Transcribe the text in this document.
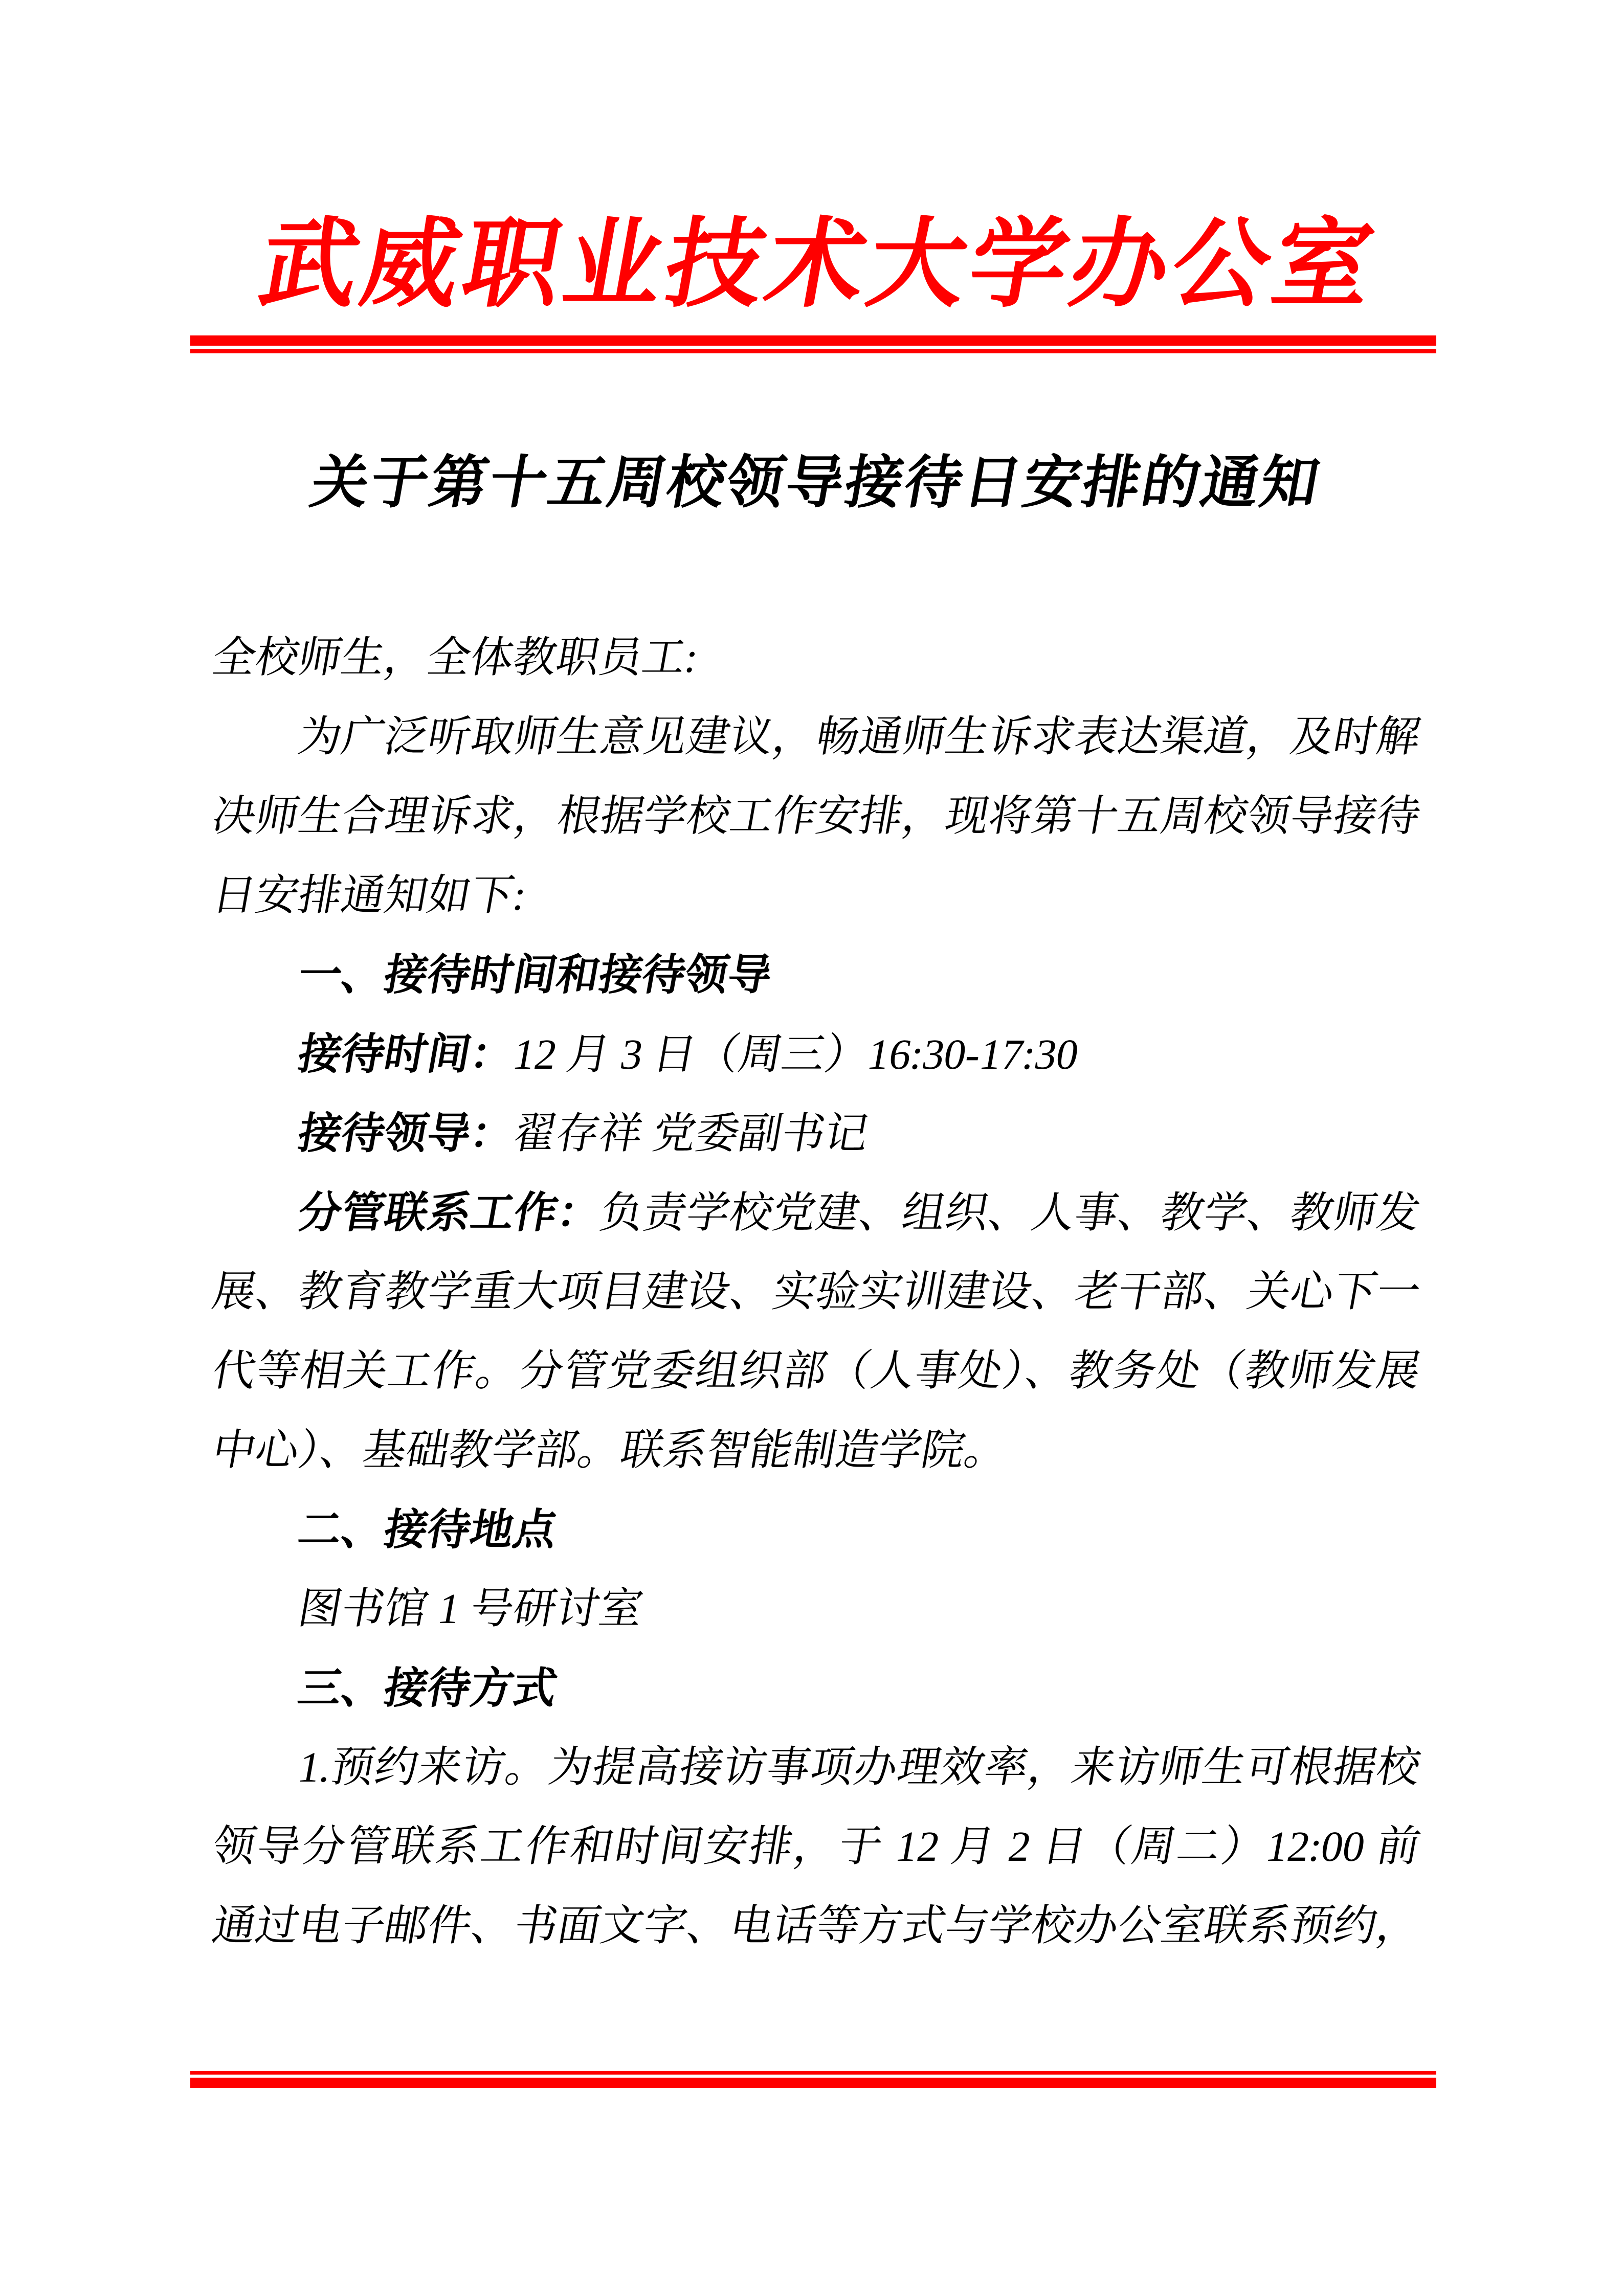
武威职业技术大学办公室
关于第十五周校领导接待日安排的通知

全校师生，全体教职员工:

为广泛听取师生意见建议，畅通师生诉求表达渠道，及时解

决师生合理诉求，根据学校工作安排，现将第十五周校领导接待

日安排通知如下:

一、接待时间和接待领导

接待时间：12 月 3 日（周三）16:30-17:30

接待领导：翟存祥 党委副书记

分管联系工作：负责学校党建、组织、人事、教学、教师发

展、教育教学重大项目建设、实验实训建设、老干部、关心下一

代等相关工作。分管党委组织部（人事处）、教务处（教师发展

中心）、基础教学部。联系智能制造学院。

二、接待地点

图书馆 1 号研讨室

三、接待方式

1.预约来访。为提高接访事项办理效率，来访师生可根据校

领导分管联系工作和时间安排，于 12 月 2 日（周二）12:00 前

通过电子邮件、书面文字、电话等方式与学校办公室联系预约，
